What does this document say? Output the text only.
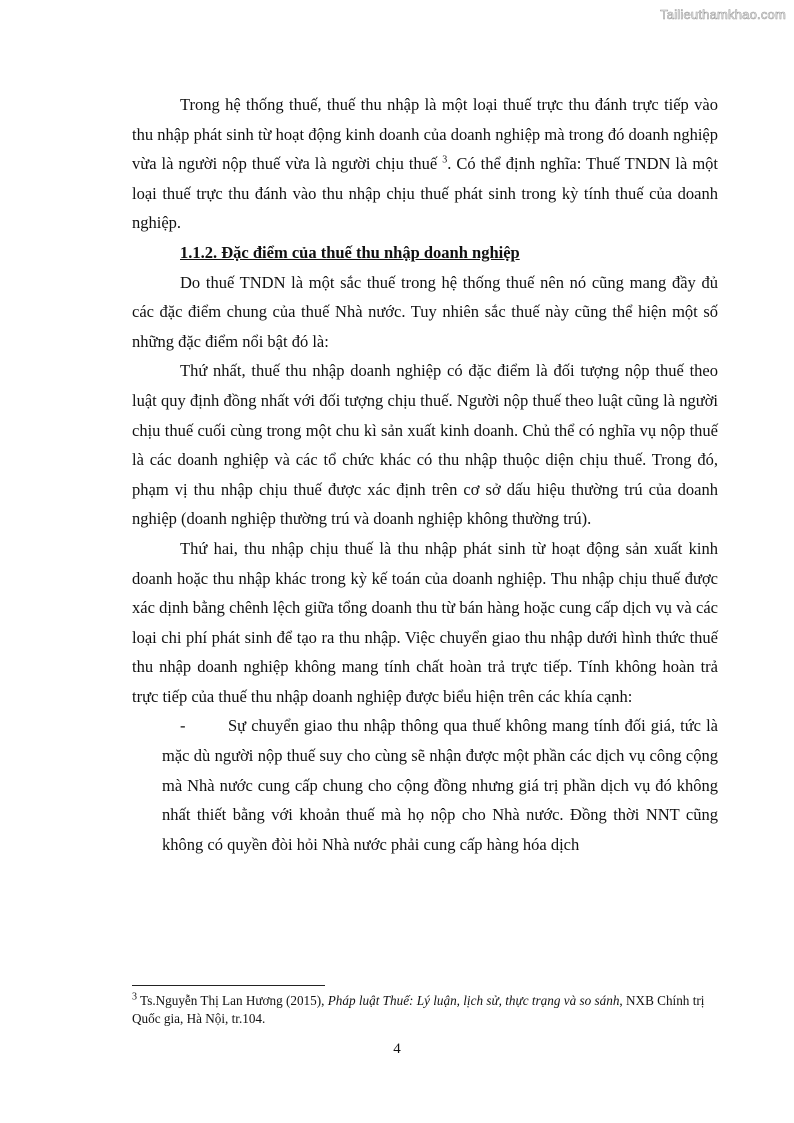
Tailieuthamkhao.com

Trong hệ thống thuế, thuế thu nhập là một loại thuế trực thu đánh trực tiếp vào thu nhập phát sinh từ hoạt động kinh doanh của doanh nghiệp mà trong đó doanh nghiệp vừa là người nộp thuế vừa là người chịu thuế $^3$. Có thể định nghĩa: Thuế TNDN là một loại thuế trực thu đánh vào thu nhập chịu thuế phát sinh trong kỳ tính thuế của doanh nghiệp.

1.1.2. Đặc điểm của thuế thu nhập doanh nghiệp

Do thuế TNDN là một sắc thuế trong hệ thống thuế nên nó cũng mang đầy đủ các đặc điểm chung của thuế Nhà nước. Tuy nhiên sắc thuế này cũng thể hiện một số những đặc điểm nổi bật đó là:

Thứ nhất, thuế thu nhập doanh nghiệp có đặc điểm là đối tượng nộp thuế theo luật quy định đồng nhất với đối tượng chịu thuế. Người nộp thuế theo luật cũng là người chịu thuế cuối cùng trong một chu kì sản xuất kinh doanh. Chủ thể có nghĩa vụ nộp thuế là các doanh nghiệp và các tổ chức khác có thu nhập thuộc diện chịu thuế. Trong đó, phạm vị thu nhập chịu thuế được xác định trên cơ sở dấu hiệu thường trú của doanh nghiệp (doanh nghiệp thường trú và doanh nghiệp không thường trú).

Thứ hai, thu nhập chịu thuế là thu nhập phát sinh từ hoạt động sản xuất kinh doanh hoặc thu nhập khác trong kỳ kế toán của doanh nghiệp. Thu nhập chịu thuế được xác dịnh bằng chênh lệch giữa tổng doanh thu từ bán hàng hoặc cung cấp dịch vụ và các loại chi phí phát sinh để tạo ra thu nhập. Việc chuyển giao thu nhập dưới hình thức thuế thu nhập doanh nghiệp không mang tính chất hoàn trả trực tiếp. Tính không hoàn trả trực tiếp của thuế thu nhập doanh nghiệp được biểu hiện trên các khía cạnh:

-	Sự chuyển giao thu nhập thông qua thuế không mang tính đối giá, tức là mặc dù người nộp thuế suy cho cùng sẽ nhận được một phần các dịch vụ công cộng mà Nhà nước cung cấp chung cho cộng đồng nhưng giá trị phần dịch vụ đó không nhất thiết bằng với khoản thuế mà họ nộp cho Nhà nước. Đồng thời NNT cũng không có quyền đòi hỏi Nhà nước phải cung cấp hàng hóa dịch
$^3$ Ts.Nguyễn Thị Lan Hương (2015), Pháp luật Thuế: Lý luận, lịch sử, thực trạng và so sánh, NXB Chính trị Quốc gia, Hà Nội, tr.104.
4
